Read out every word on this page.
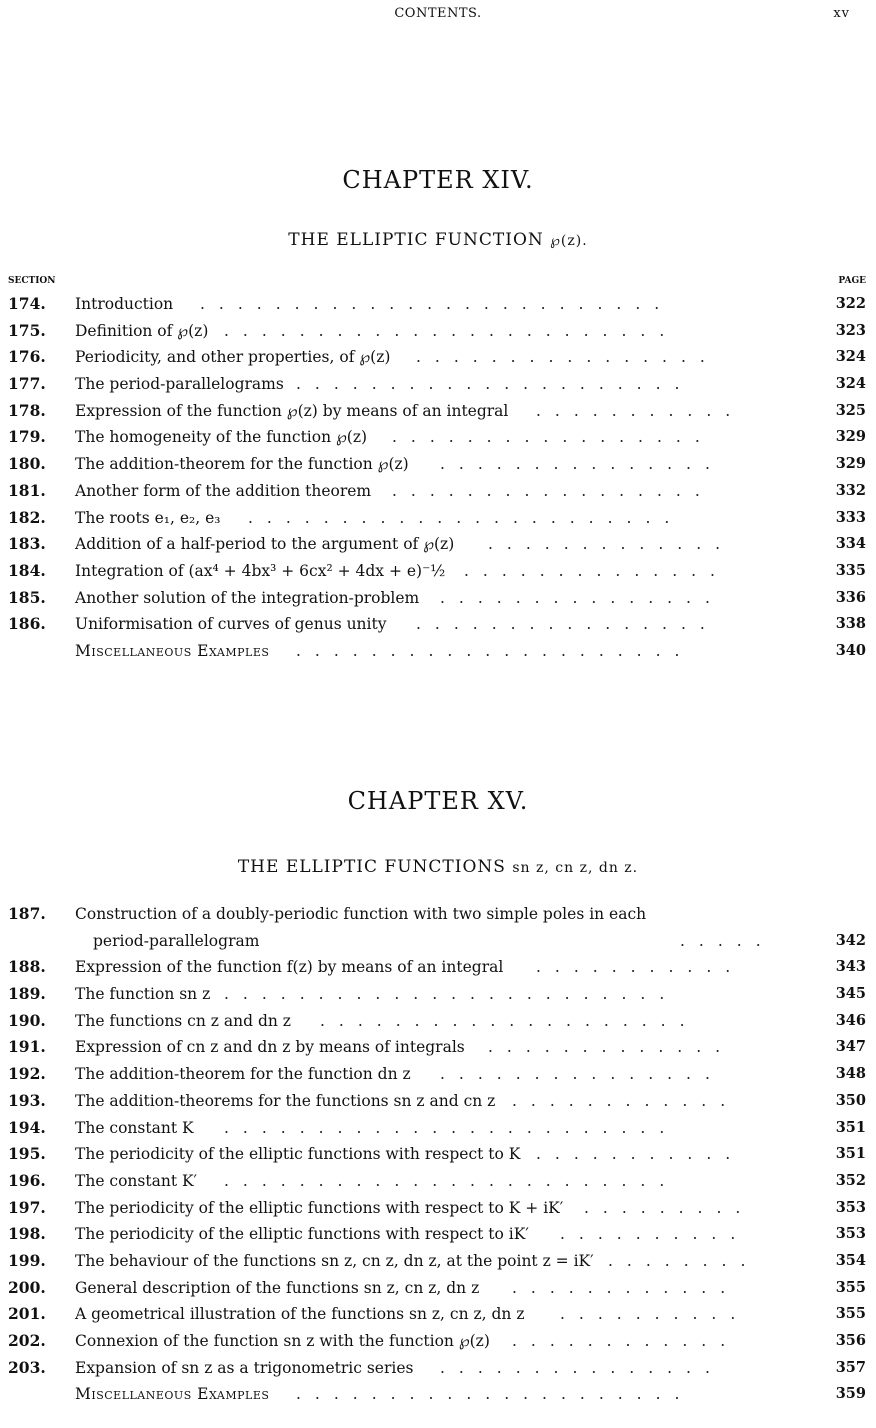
CONTENTS.	xv
CHAPTER XIV.
THE ELLIPTIC FUNCTION ℘(z).
SECTION	PAGE
174. Introduction .........................	322
175. Definition of ℘(z) ........................	323
176. Periodicity, and other properties, of ℘(z) ................	324
177. The period-parallelograms .....................	324
178. Expression of the function ℘(z) by means of an integral ...........	325
179. The homogeneity of the function ℘(z) .................	329
180. The addition-theorem for the function ℘(z) ...............	329
181. Another form of the addition theorem .................	332
182. The roots e₁, e₂, e₃ .......................	333
183. Addition of a half-period to the argument of ℘(z) .............	334
184. Integration of (ax⁴ + 4bx³ + 6cx² + 4dx + e)⁻½ ..............	335
185. Another solution of the integration-problem ...............	336
186. Uniformisation of curves of genus unity ................	338
Miscellaneous Examples .....................	340
CHAPTER XV.
THE ELLIPTIC FUNCTIONS sn z, cn z, dn z.
187. Construction of a doubly-periodic function with two simple poles in each
period-parallelogram	.....	342
188. Expression of the function f(z) by means of an integral ...........	343
189. The function sn z ........................	345
190. The functions cn z and dn z ....................	346
191. Expression of cn z and dn z by means of integrals .............	347
192. The addition-theorem for the function dn z ...............	348
193. The addition-theorems for the functions sn z and cn z ............	350
194. The constant K ........................	351
195. The periodicity of the elliptic functions with respect to K ...........	351
196. The constant K′ ........................	352
197. The periodicity of the elliptic functions with respect to K + iK′ .........	353
198. The periodicity of the elliptic functions with respect to iK′ ..........	353
199. The behaviour of the functions sn z, cn z, dn z, at the point z = iK′ ........	354
200. General description of the functions sn z, cn z, dn z ............	355
201. A geometrical illustration of the functions sn z, cn z, dn z ..........	355
202. Connexion of the function sn z with the function ℘(z) ............	356
203. Expansion of sn z as a trigonometric series ...............	357
Miscellaneous Examples .....................	359
